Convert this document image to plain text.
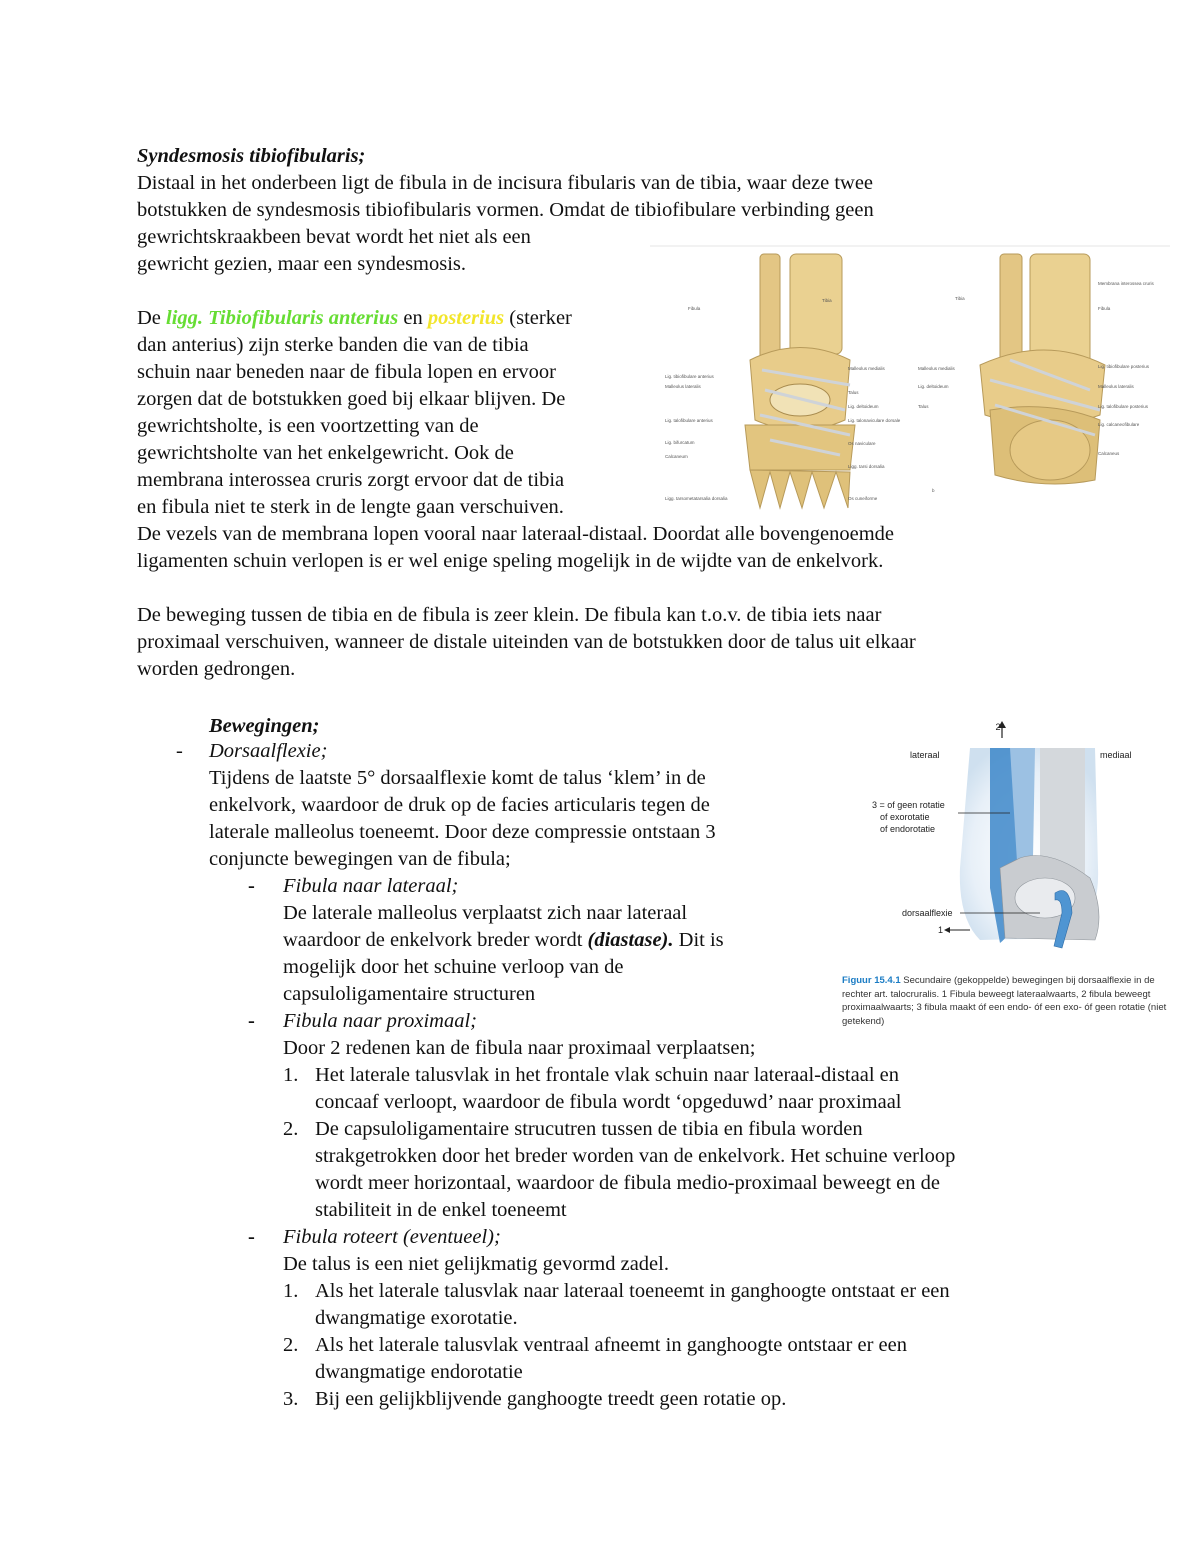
Syndesmosis tibiofibularis;

Distaal in het onderbeen ligt de fibula in de incisura fibularis van de tibia, waar deze twee

botstukken de syndesmosis tibiofibularis vormen. Omdat de tibiofibulare verbinding geen

gewrichtskraakbeen bevat wordt het niet als een

gewricht gezien, maar een syndesmosis.

De ligg. Tibiofibularis anterius en posterius (sterker

dan anterius) zijn sterke banden die van de tibia

schuin naar beneden naar de fibula lopen en ervoor

zorgen dat de botstukken goed bij elkaar blijven. De

gewrichtsholte, is een voortzetting van de

gewrichtsholte van het enkelgewricht. Ook de

membrana interossea cruris zorgt ervoor dat de tibia

en fibula niet te sterk in de lengte gaan verschuiven.

De vezels van de membrana lopen vooral naar lateraal-distaal. Doordat alle bovengenoemde

ligamenten schuin verlopen is er wel enige speling mogelijk in de wijdte van de enkelvork.

De beweging tussen de tibia en de fibula is zeer klein. De fibula kan t.o.v. de tibia iets naar

proximaal verschuiven, wanneer de distale uiteinden van de botstukken door de talus uit elkaar

worden gedrongen.

Fibula
Lig. tibiofibulare anterius
Malleolus lateralis
Lig. talofibulare anterius
Lig. bifurcatum
Calcaneum
Ligg. tarsometatarsalia dorsalia
Tibia
Malleolus medialis
Talus
Lig. deltoideum
Lig. talonaviculare dorsale
Os naviculare
Ligg. tarsi dorsalia
Os cuneiforme
Tibia
Malleolus medialis
Lig. deltoideum
Talus
Membrana interossea cruris
Fibula
Lig. tibiofibulare posterius
Malleolus lateralis
Lig. talofibulare posterius
Lig. calcaneofibulare
Calcaneus
b

Bewegingen;

- Dorsaalflexie;

Tijdens de laatste 5° dorsaalflexie komt de talus ‘klem’ in de

enkelvork, waardoor de druk op de facies articularis tegen de

laterale malleolus toeneemt. Door deze compressie ontstaan 3

conjuncte bewegingen van de fibula;

- Fibula naar lateraal;

De laterale malleolus verplaatst zich naar lateraal

waardoor de enkelvork breder wordt (diastase). Dit is

mogelijk door het schuine verloop van de

capsuloligamentaire structuren

- Fibula naar proximaal;

Door 2 redenen kan de fibula naar proximaal verplaatsen;

1. Het laterale talusvlak in het frontale vlak schuin naar lateraal-distaal en

concaaf verloopt, waardoor de fibula wordt ‘opgeduwd’ naar proximaal

2. De capsuloligamentaire strucutren tussen de tibia en fibula worden

strakgetrokken door het breder worden van de enkelvork. Het schuine verloop

wordt meer horizontaal, waardoor de fibula medio-proximaal beweegt en de

stabiliteit in de enkel toeneemt

- Fibula roteert (eventueel);

De talus is een niet gelijkmatig gevormd zadel.

1. Als het laterale talusvlak naar lateraal toeneemt in ganghoogte ontstaat er een

dwangmatige exorotatie.

2. Als het laterale talusvlak ventraal afneemt in ganghoogte ontstaar er een

dwangmatige endorotatie

3. Bij een gelijkblijvende ganghoogte treedt geen rotatie op.

2
lateraal	mediaal
3 = of geen rotatie
of exorotatie
of endorotatie
dorsaalflexie
1
Figuur 15.4.1 Secundaire (gekoppelde) bewegingen bij dorsaalflexie in de rechter art. talocruralis. 1 Fibula beweegt lateraalwaarts, 2 fibula beweegt proximaalwaarts; 3 fibula maakt óf een endo- óf een exo- óf geen rotatie (niet getekend)
